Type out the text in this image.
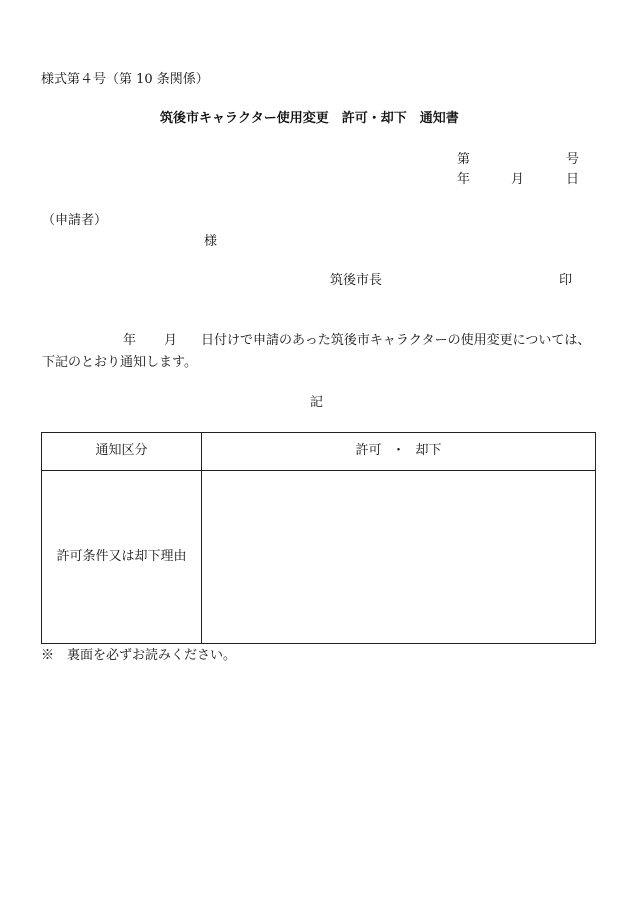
様式第４号（第 10 条関係）
筑後市キャラクター使用変更　許可・却下　通知書
第	号
年	月	日
（申請者）
様
筑後市長	印
年 月 日付けで申請のあった筑後市キャラクターの使用変更については、下記のとおり通知します。
記
通知区分	許可 ・ 却下
許可条件又は却下理由	
※　裏面を必ずお読みください。
